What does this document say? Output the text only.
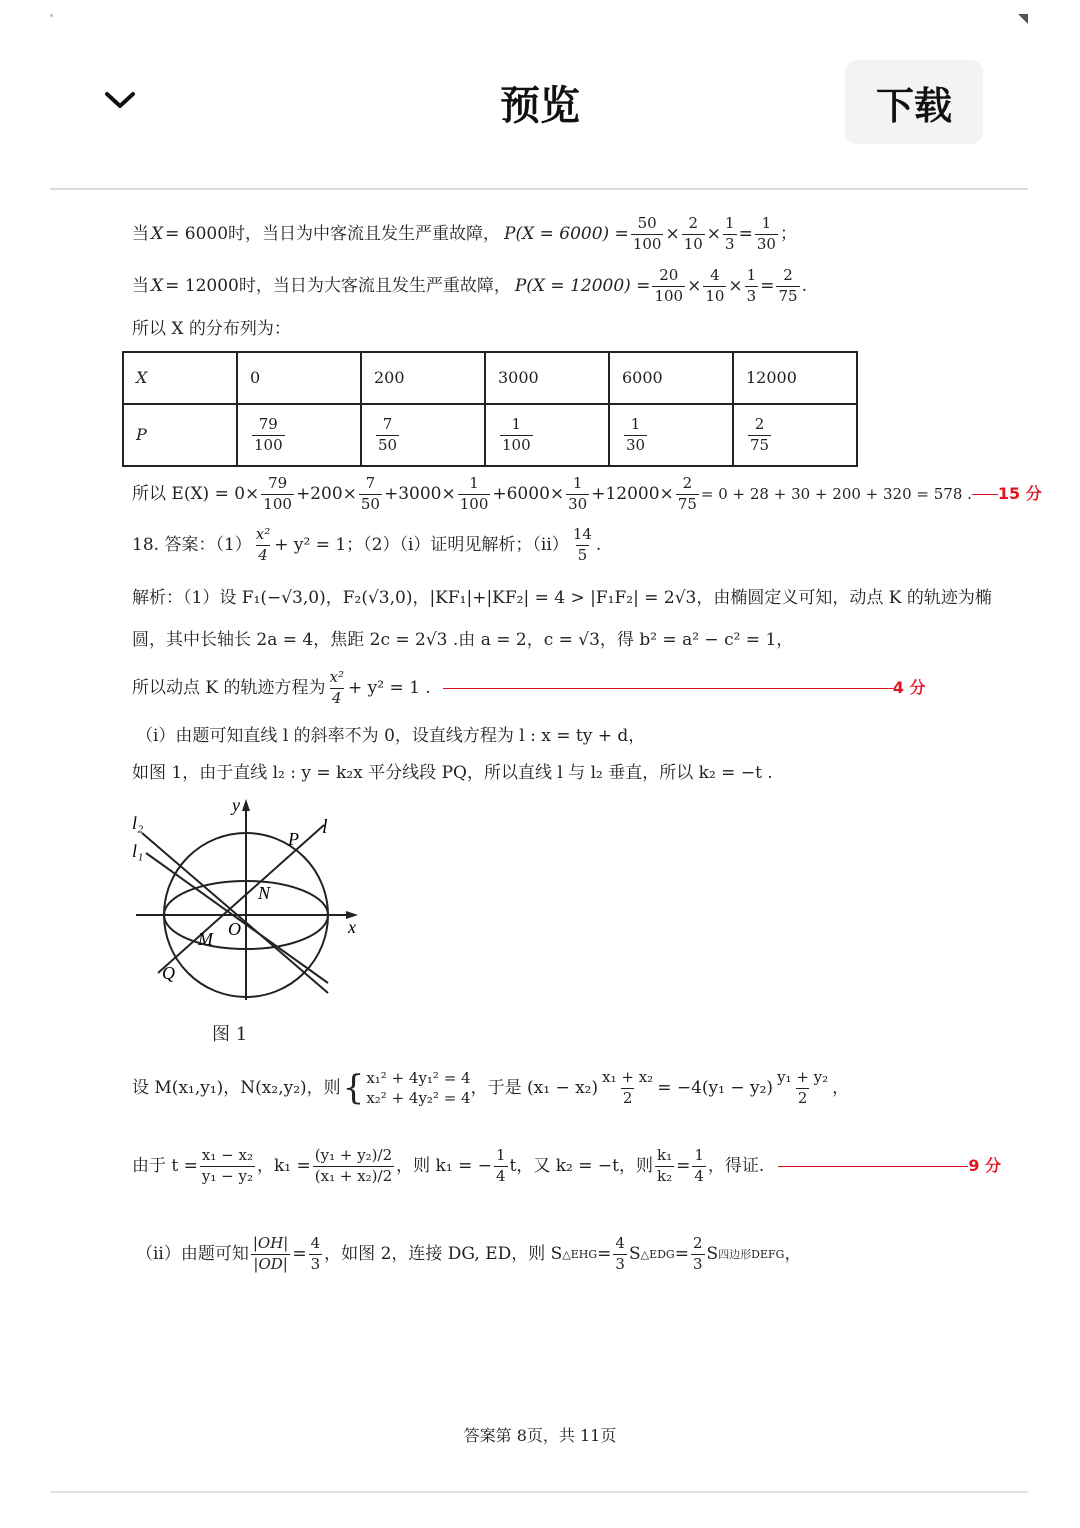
预览	下载
当 X = 6000时，当日为中客流且发生严重故障， $P(X = 6000) = \frac{50}{100} \times \frac{2}{10} \times \frac{1}{3} = \frac{1}{30}$ ；
当 X = 12000时，当日为大客流且发生严重故障， $P(X = 12000) = \frac{20}{100} \times \frac{4}{10} \times \frac{1}{3} = \frac{2}{75}$ .
所以 X 的分布列为：
X	0	200	3000	6000	12000
P	$\frac{79}{100}$	$\frac{7}{50}$	$\frac{1}{100}$	$\frac{1}{30}$	$\frac{2}{75}$
所以 $E(X) = 0\times \frac{79}{100} +200\times \frac{7}{50} +3000\times \frac{1}{100} +6000\times \frac{1}{30} +12000\times \frac{2}{75} = 0 + 28 + 30 + 200 + 320 = 578$ . 15 分
18. 答案：$(1) \frac{\text{x²}}{4} + y^2 = 1$；（2）（i）证明见解析；$(ii) \frac{14}{5}$ .
解析：（1）设 F₁(−√3,0)，F₂(√3,0)，|KF₁|+|KF₂| = 4 > |F₁F₂| = 2√3，由椭圆定义可知，动点 K 的轨迹为椭
圆，其中长轴长 2a = 4，焦距 2c = 2√3 .由 a = 2，c = √3，得 b² = a² − c² = 1，
所以动点 K 的轨迹方程为 $\frac{\text{x²}}{4} + y^2 = 1$ .	4 分
（i）由题可知直线 l 的斜率不为 0，设直线方程为 l : x = ty + d，
如图 1，由于直线 l₂ : y = k₂x 平分线段 PQ，所以直线 l 与 l₂ 垂直，所以 k₂ = −t .
y
x
l₂
l₁
l
P
N
O
M
Q
图 1
设 M(x₁,y₁)，N(x₂,y₂)，则 { x₁² + 4y₁² = 4
x₂² + 4y₂² = 4
，于是 $(x_1 - x_2) \frac{\text{x₁ + x₂}}{2} = -4(y_1 - y_2) \frac{\text{y₁ + y₂}}{2}$ ，
由于 $t = \frac{\text{x₁ − x₂}}{\text{y₁ − y₂}}$ ，$k_1 = \frac{\text{(y₁ + y₂)/2}}{\text{(x₁ + x₂)/2}}$ ，则 k₁ = − $\frac{1}{4}$ t，又 k₂ = −t，则 $\frac{\text{k₁}}{\text{k₂}} = \frac{1}{4}$ ，得证.	9 分
（ii）由题可知 $\frac{|OH|}{|OD|} = \frac{4}{3}$ ，如图 2，连接 DG, ED，则 S △EHG = $\frac{4}{3}$ S △EDG = $\frac{2}{3}$ S 四边形DEFG ，
答案第 8页，共 11页
